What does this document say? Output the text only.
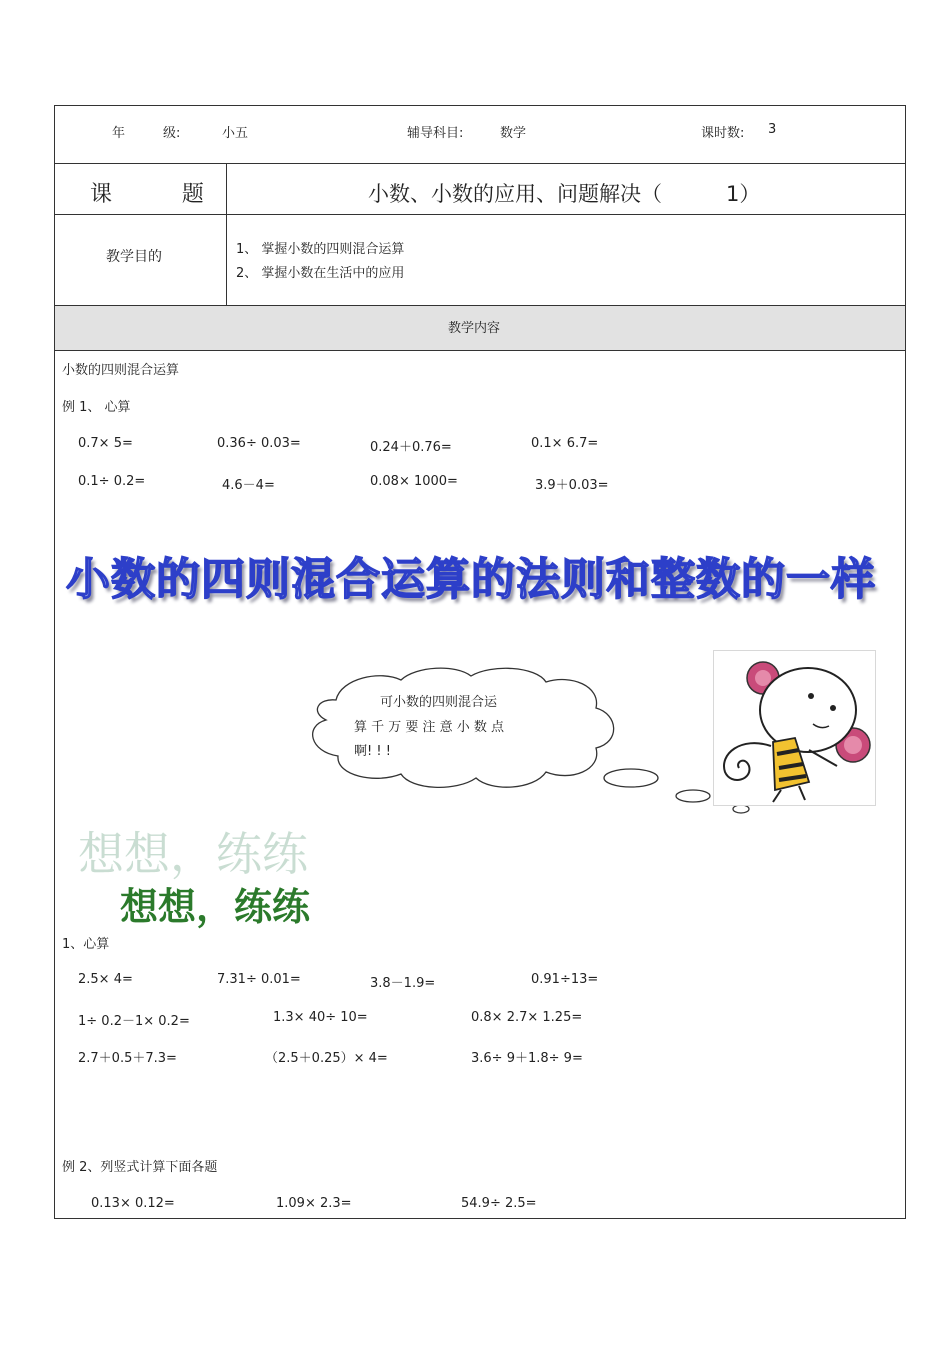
年	级:	小五	辅导科目:	数学	课时数: 3
课          题	小数、小数的应用、问题解决（	1）
教学目的	1、 掌握小数的四则混合运算
2、 掌握小数在生活中的应用
教学内容
小数的四则混合运算
例 1、 心算
0.7× 5=	0.36÷ 0.03=	0.24＋0.76=	0.1× 6.7=
0.1÷ 0.2=	4.6－4=	0.08× 1000=	3.9＋0.03=
小数的四则混合运算的法则和整数的一样
可小数的四则混合运
算 千 万 要 注 意 小 数 点
啊! ! !
想想，练练
想想，练练
1、心算
2.5× 4=	7.31÷ 0.01=	3.8－1.9=	0.91÷13=
1÷ 0.2－1× 0.2=	1.3× 40÷ 10=	0.8× 2.7× 1.25=
2.7＋0.5＋7.3=	（2.5＋0.25）× 4=	3.6÷ 9＋1.8÷ 9=
例 2、列竖式计算下面各题
0.13× 0.12=	1.09× 2.3=	54.9÷ 2.5=
